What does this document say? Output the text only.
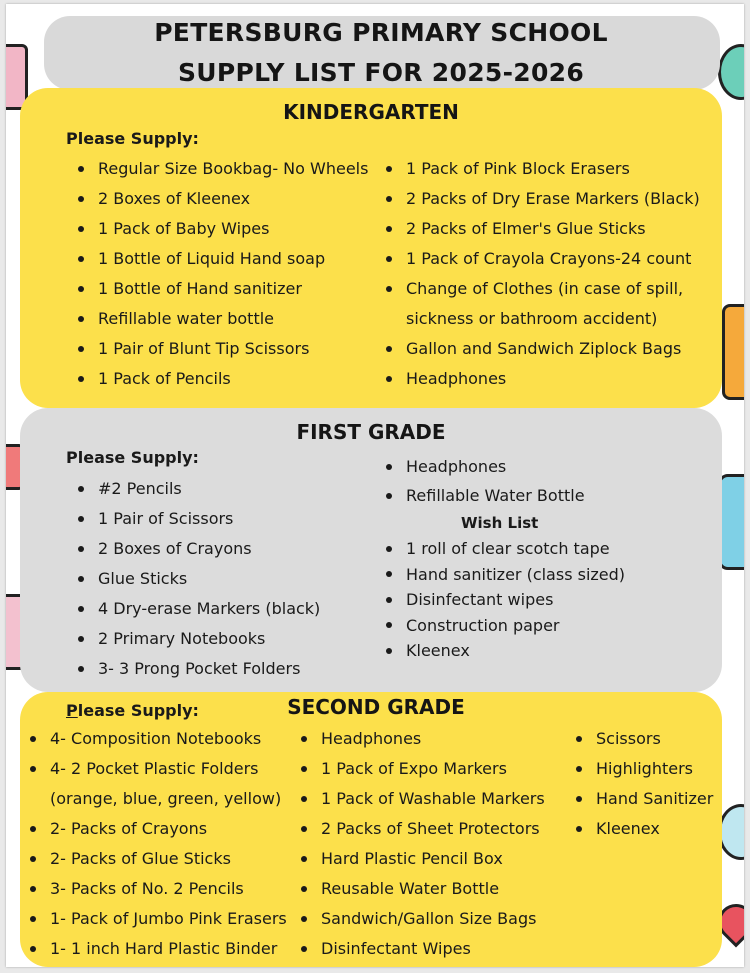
PETERSBURG PRIMARY SCHOOL
SUPPLY LIST FOR 2025-2026
KINDERGARTEN
Please Supply:
Regular Size Bookbag- No Wheels
2 Boxes of Kleenex
1 Pack of Baby Wipes
1 Bottle of Liquid Hand soap
1 Bottle of Hand sanitizer
Refillable water bottle
1 Pair of Blunt Tip Scissors
1 Pack of Pencils
1 Pack of Pink Block Erasers
2 Packs of Dry Erase Markers (Black)
2 Packs of Elmer's Glue Sticks
1 Pack of Crayola Crayons-24 count
Change of Clothes (in case of spill,
sickness or bathroom accident)
Gallon and Sandwich Ziplock Bags
Headphones
FIRST GRADE
Please Supply:
#2 Pencils
1 Pair of Scissors
2 Boxes of Crayons
Glue Sticks
4 Dry-erase Markers (black)
2 Primary Notebooks
3- 3 Prong Pocket Folders
Headphones
Refillable Water Bottle
Wish List
1 roll of clear scotch tape
Hand sanitizer (class sized)
Disinfectant wipes
Construction paper
Kleenex
SECOND GRADE
Please Supply:
4- Composition Notebooks
4- 2 Pocket Plastic Folders
(orange, blue, green, yellow)
2- Packs of Crayons
2- Packs of Glue Sticks
3- Packs of No. 2 Pencils
1- Pack of Jumbo Pink Erasers
1- 1 inch Hard Plastic Binder
Headphones
1 Pack of Expo Markers
1 Pack of Washable Markers
2 Packs of Sheet Protectors
Hard Plastic Pencil Box
Reusable Water Bottle
Sandwich/Gallon Size Bags
Disinfectant Wipes
Scissors
Highlighters
Hand Sanitizer
Kleenex
